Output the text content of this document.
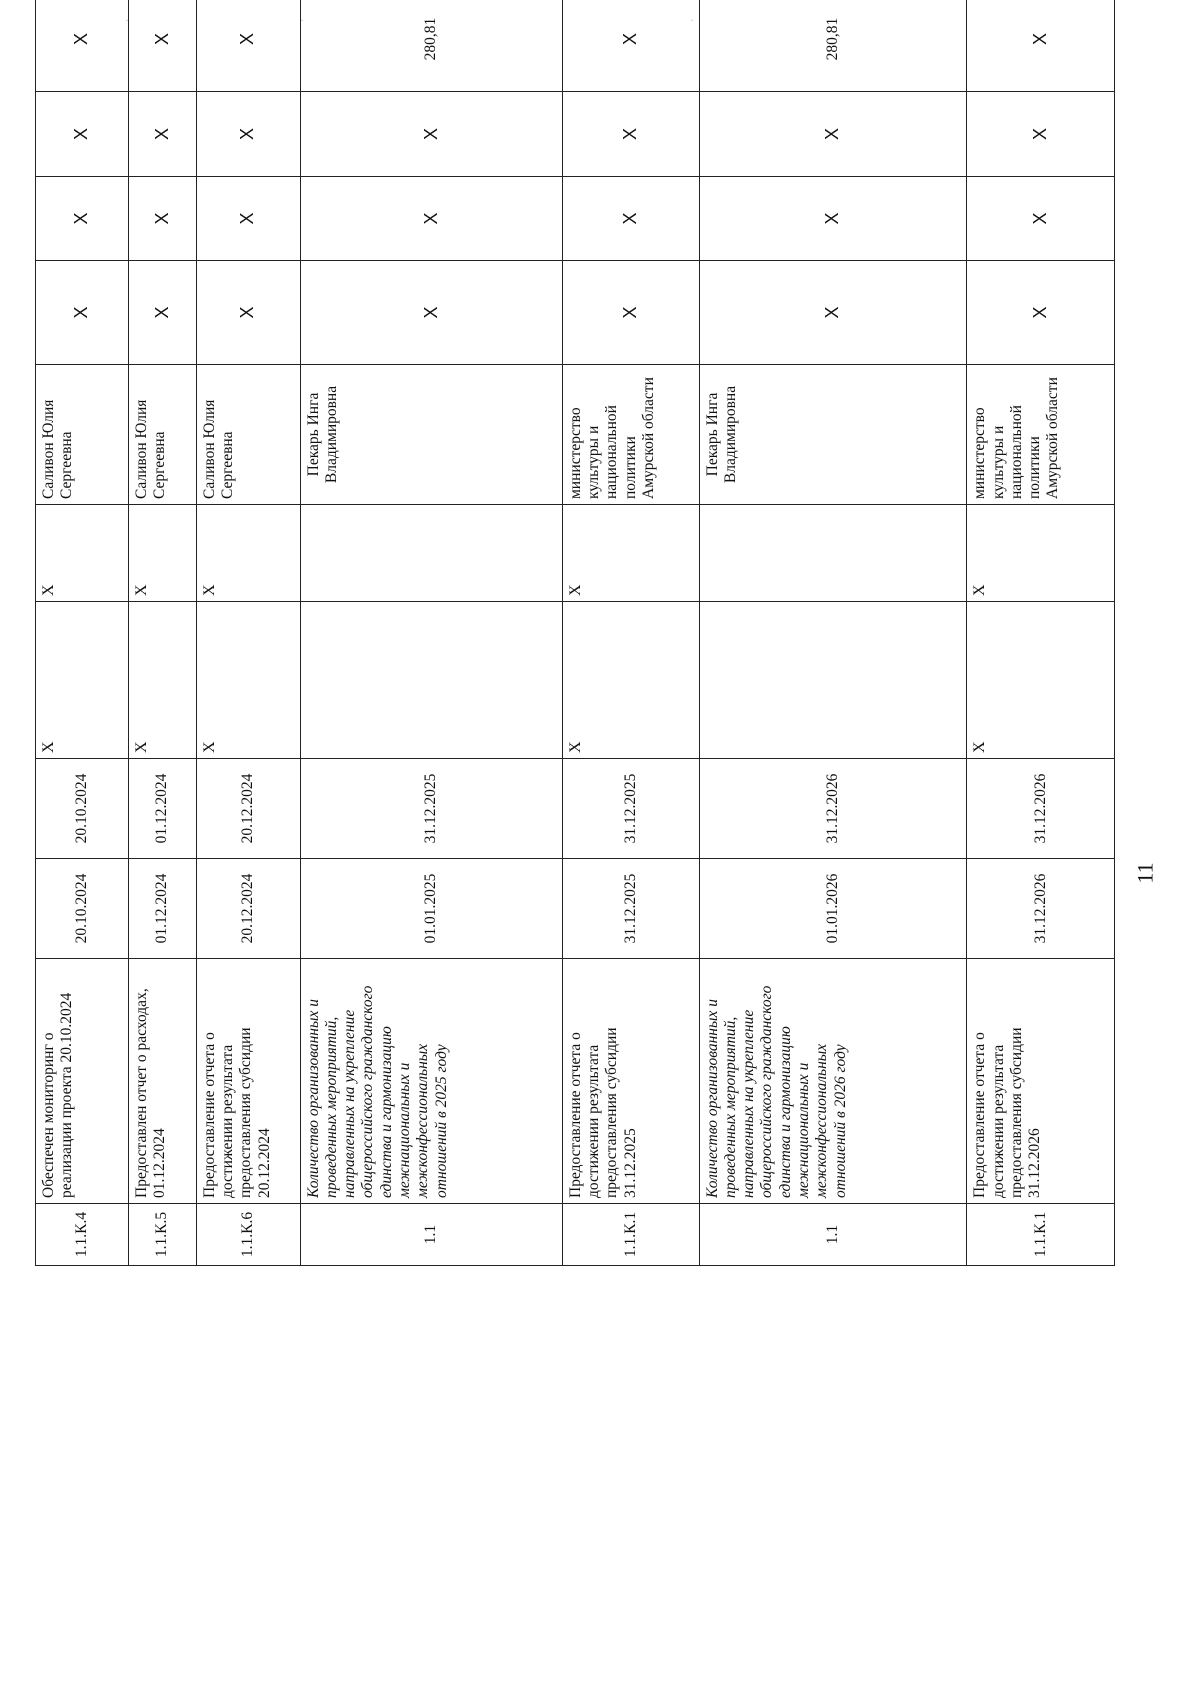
·	·	·
1.1.К.4	Обеспечен мониторинг о реализации проекта 20.10.2024	20.10.2024	20.10.2024	Х	Х	Саливон Юлия Сергеевна	Х	Х	Х	Х	
1.1.К.5	Предоставлен отчет о расходах, 01.12.2024	01.12.2024	01.12.2024	Х	Х	Саливон Юлия Сергеевна	Х	Х	Х	Х	
1.1.К.6	Предоставление отчета о достижении результата предоставления субсидии 20.12.2024	20.12.2024	20.12.2024	Х	Х	Саливон Юлия Сергеевна	Х	Х	Х	Х	
1.1	Количество организованных и проведенных мероприятий, направленных на укрепление общероссийского гражданского единства и гармонизацию межнациональных и межконфессиональных отношений в 2025 году	01.01.2025	31.12.2025			Пекарь Инга Владимировна	Х	Х	Х	280,81	
1.1.К.1	Предоставление отчета о достижении результата предоставления субсидии 31.12.2025	31.12.2025	31.12.2025	Х	Х	министерство культуры и национальной политики Амурской области	Х	Х	Х	Х	
1.1	Количество организованных и проведенных мероприятий, направленных на укрепление общероссийского гражданского единства и гармонизацию межнациональных и межконфессиональных отношений в 2026 году	01.01.2026	31.12.2026			Пекарь Инга Владимировна	Х	Х	Х	280,81	
1.1.К.1	Предоставление отчета о достижении результата предоставления субсидии 31.12.2026	31.12.2026	31.12.2026	Х	Х	министерство культуры и национальной политики Амурской области	Х	Х	Х	Х	
11
